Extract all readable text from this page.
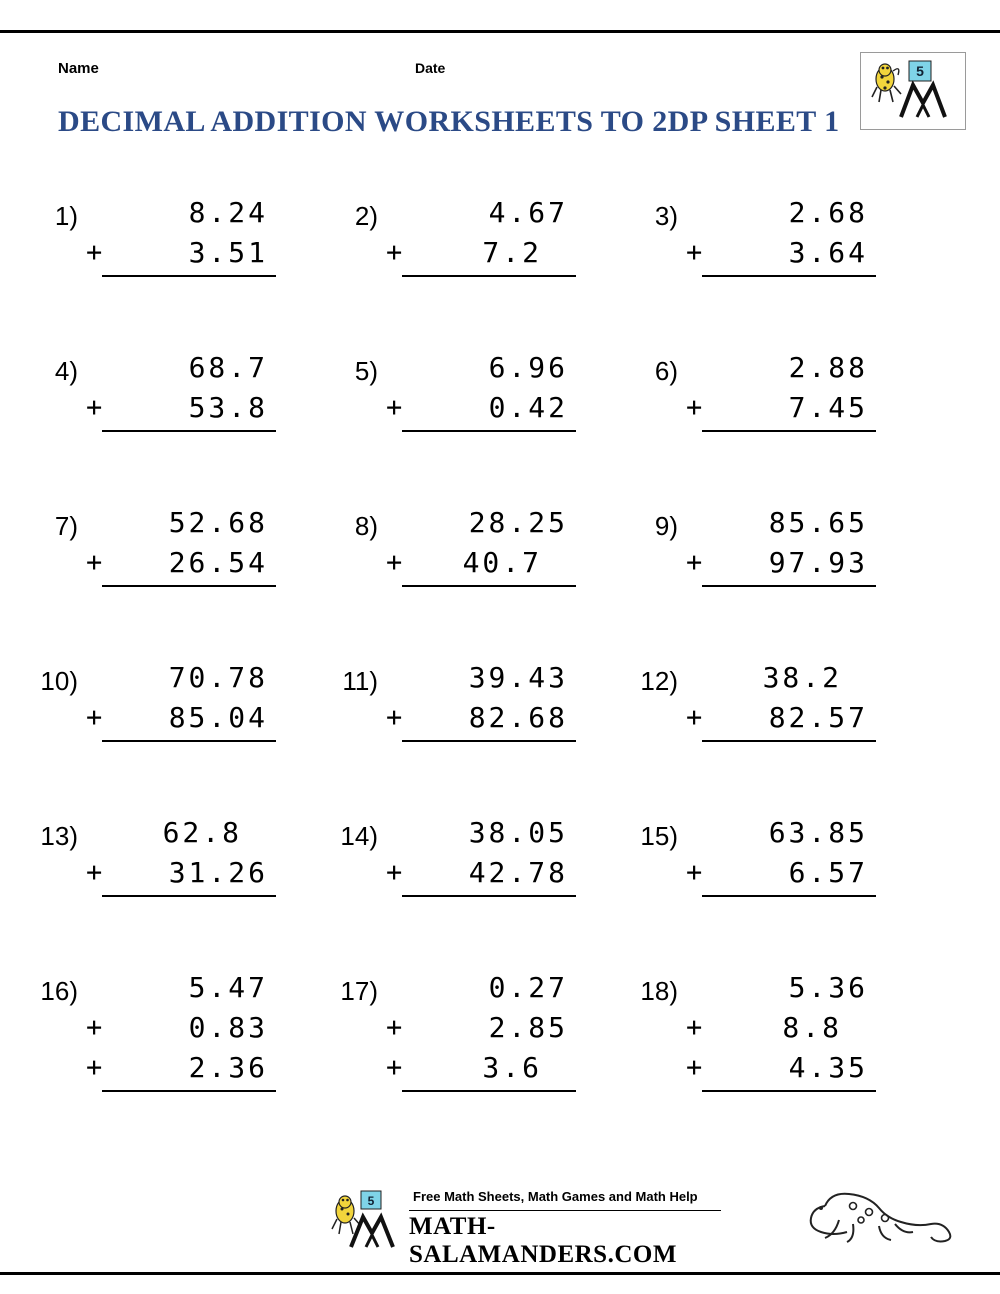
Name	Date
DECIMAL ADDITION WORKSHEETS TO 2DP SHEET 1
5
1)	8.24
+	3.51
2)	4.67
+	7.2
3)	2.68
+	3.64
4)	68.7
+	53.8
5)	6.96
+	0.42
6)	2.88
+	7.45
7)	52.68
+ 26.54
8)	28.25
+ 40.7
9)	85.65
+ 97.93
10)	70.78
+ 85.04
11)	39.43
+ 82.68
12)	38.2
+ 82.57
13)	62.8
+ 31.26
14)	38.05
+ 42.78
15)	63.85
+	6.57
16)	5.47
+	0.83
+	2.36
17)	0.27
+	2.85
+	3.6
18)	5.36
+	8.8
+	4.35
5	Free Math Sheets, Math Games and Math Help
MATH-SALAMANDERS.COM
